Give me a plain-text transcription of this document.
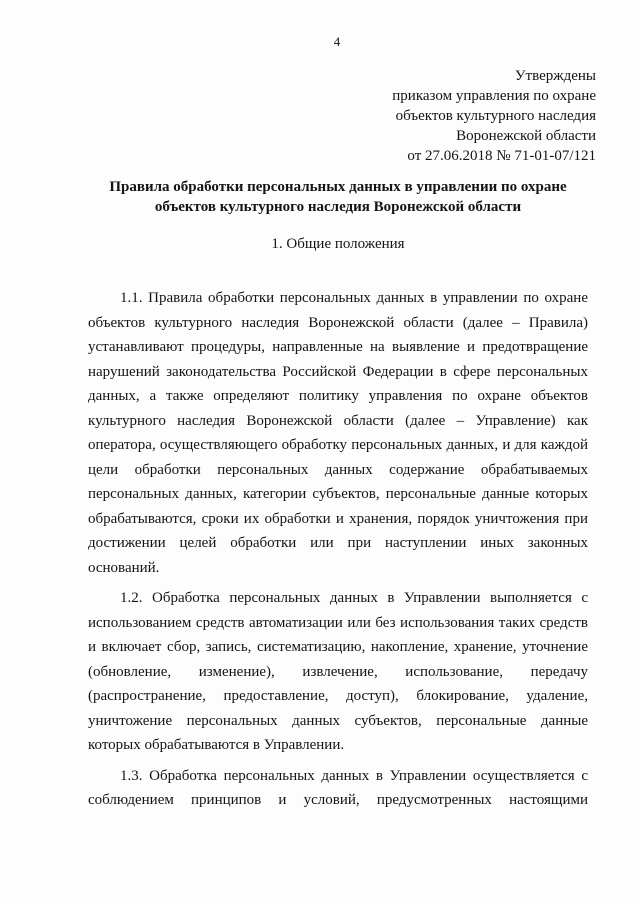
4
Утверждены
приказом управления по охране
объектов культурного наследия
Воронежской области
от 27.06.2018 № 71-01-07/121
Правила обработки персональных данных в управлении по охране
объектов культурного наследия Воронежской области
1. Общие положения

1.1. Правила обработки персональных данных в управлении по охране объектов культурного наследия Воронежской области (далее – Правила) устанавливают процедуры, направленные на выявление и предотвращение нарушений законодательства Российской Федерации в сфере персональных данных, а также определяют политику управления по охране объектов культурного наследия Воронежской области (далее – Управление) как оператора, осуществляющего обработку персональных данных, и для каждой цели обработки персональных данных содержание обрабатываемых персональных данных, категории субъектов, персональные данные которых обрабатываются, сроки их обработки и хранения, порядок уничтожения при достижении целей обработки или при наступлении иных законных оснований.

1.2. Обработка персональных данных в Управлении выполняется с использованием средств автоматизации или без использования таких средств и включает сбор, запись, систематизацию, накопление, хранение, уточнение (обновление, изменение), извлечение, использование, передачу (распространение, предоставление, доступ), блокирование, удаление, уничтожение персональных данных субъектов, персональные данные которых обрабатываются в Управлении.

1.3. Обработка персональных данных в Управлении осуществляется с соблюдением принципов и условий, предусмотренных настоящими
